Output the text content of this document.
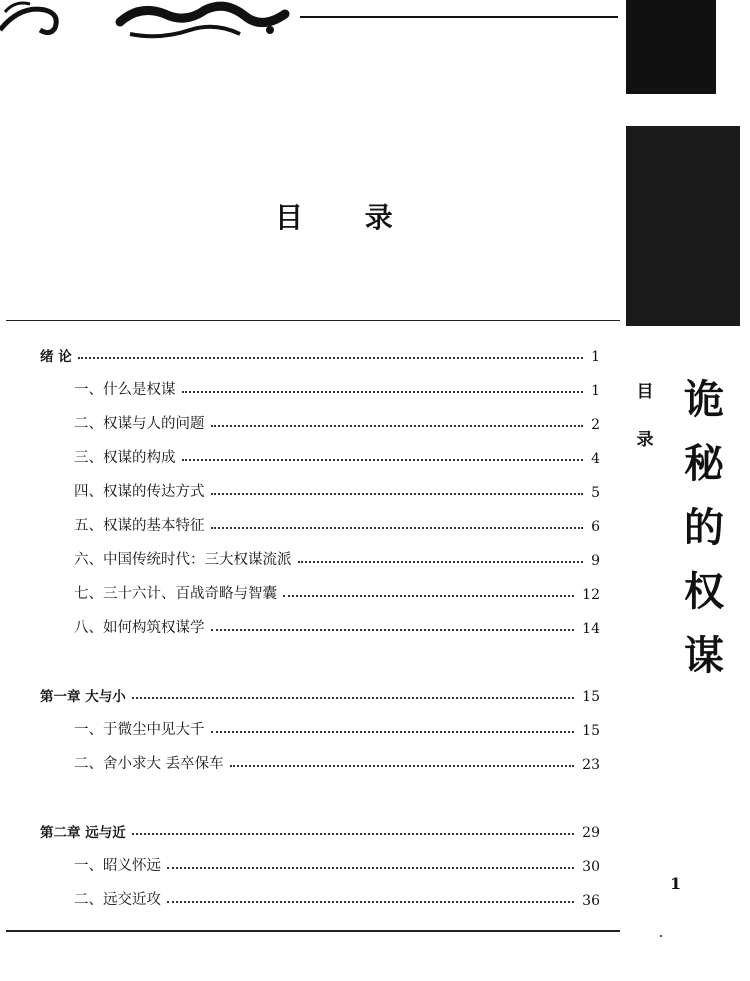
目 录
绪 论	1
一、什么是权谋	1
二、权谋与人的问题	2
三、权谋的构成	4
四、权谋的传达方式	5
五、权谋的基本特征	6
六、中国传统时代：三大权谋流派	9
七、三十六计、百战奇略与智囊	12
八、如何构筑权谋学	14
第一章 大与小	15
一、于微尘中见大千	15
二、舍小求大 丢卒保车	23
第二章 远与近	29
一、昭义怀远	30
二、远交近攻	36
目
录
诡
秘
的
权
谋
1
